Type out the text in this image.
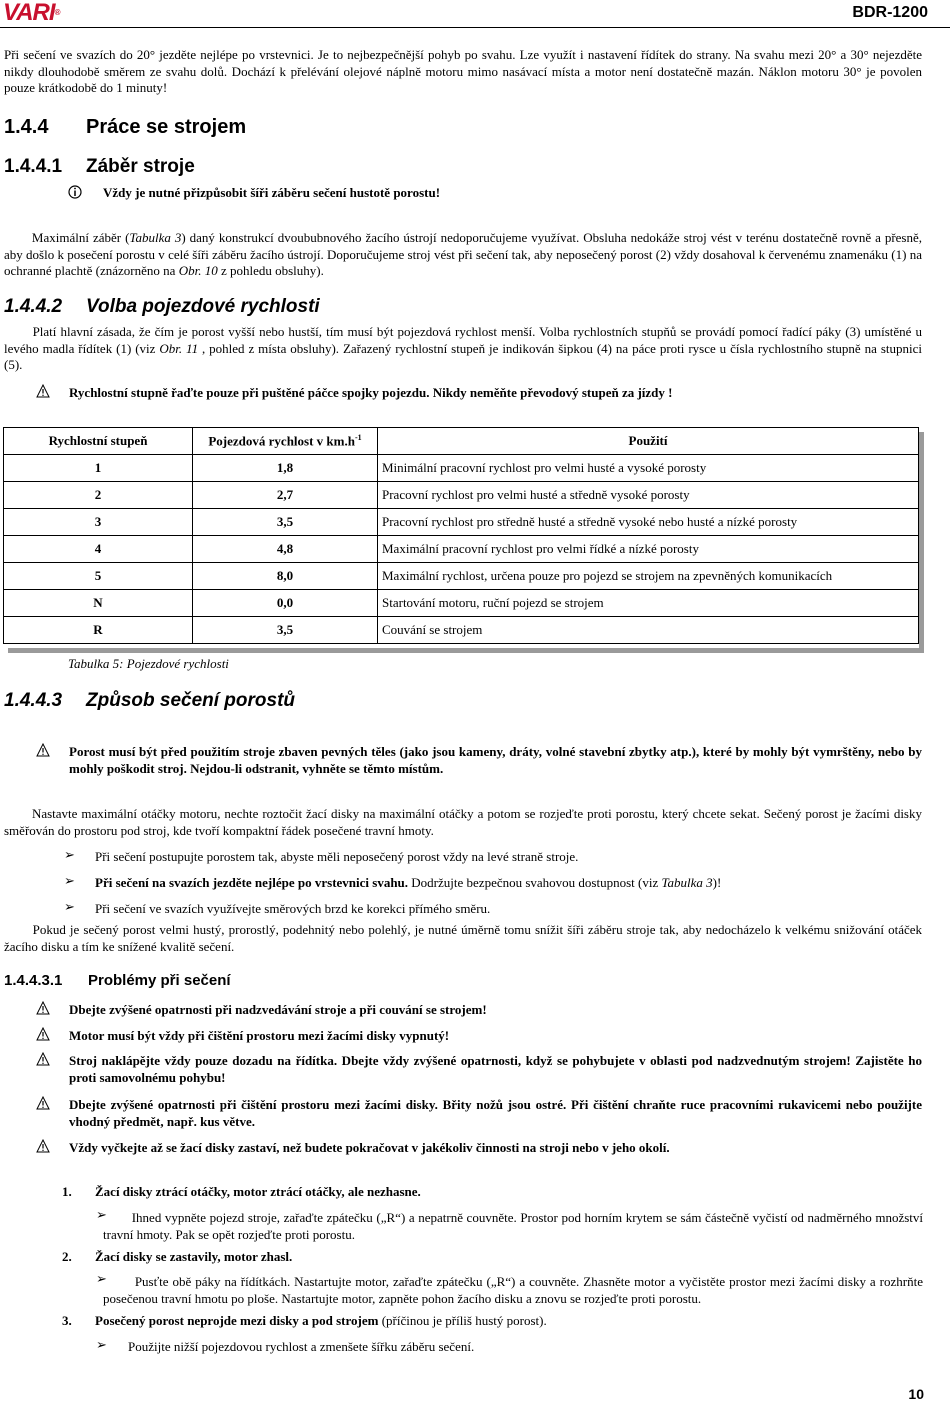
VARI®	BDR-1200
Při sečení ve svazích do 20° jezděte nejlépe po vrstevnici. Je to nejbezpečnější pohyb po svahu. Lze využít i nastavení řídítek do strany. Na svahu mezi 20° a 30° nejezděte nikdy dlouhodobě směrem ze svahu dolů. Dochází k přelévání olejové náplně motoru mimo nasávací místa a motor není dostatečně mazán. Náklon motoru 30° je povolen pouze krátkodobě do 1 minuty!
1.4.4 Práce se strojem
1.4.4.1 Záběr stroje
Vždy je nutné přizpůsobit šíři záběru sečení hustotě porostu!
Maximální záběr (Tabulka 3) daný konstrukcí dvoububnového žacího ústrojí nedoporučujeme využívat. Obsluha nedokáže stroj vést v terénu dostatečně rovně a přesně, aby došlo k posečení porostu v celé šíři záběru žacího ústrojí. Doporučujeme stroj vést při sečení tak, aby neposečený porost (2) vždy dosahoval k červenému znamenáku (1) na ochranné plachtě (znázorněno na Obr. 10 z pohledu obsluhy).
1.4.4.2 Volba pojezdové rychlosti
Platí hlavní zásada, že čím je porost vyšší nebo hustší, tím musí být pojezdová rychlost menší. Volba rychlostních stupňů se provádí pomocí řadící páky (3) umístěné u levého madla řídítek (1) (viz Obr. 11 , pohled z místa obsluhy). Zařazený rychlostní stupeň je indikován šipkou (4) na páce proti rysce u čísla rychlostního stupně na stupnici (5).
Rychlostní stupně řaďte pouze při puštěné páčce spojky pojezdu. Nikdy neměňte převodový stupeň za jízdy !
Rychlostní stupeň	Pojezdová rychlost v $km.h^{-1}$	Použití
1	1,8	Minimální pracovní rychlost pro velmi husté a vysoké porosty
2	2,7	Pracovní rychlost pro velmi husté a středně vysoké porosty
3	3,5	Pracovní rychlost pro středně husté a středně vysoké nebo husté a nízké porosty
4	4,8	Maximální pracovní rychlost pro velmi řídké a nízké porosty
5	8,0	Maximální rychlost, určena pouze pro pojezd se strojem na zpevněných komunikacích
N	0,0	Startování motoru, ruční pojezd se strojem
R	3,5	Couvání se strojem
Tabulka 5: Pojezdové rychlosti
1.4.4.3 Způsob sečení porostů
Porost musí být před použitím stroje zbaven pevných těles (jako jsou kameny, dráty, volné stavební zbytky atp.), které by mohly být vymrštěny, nebo by mohly poškodit stroj. Nejdou-li odstranit, vyhněte se těmto místům.
Nastavte maximální otáčky motoru, nechte roztočit žací disky na maximální otáčky a potom se rozjeďte proti porostu, který chcete sekat. Sečený porost je žacími disky směřován do prostoru pod stroj, kde tvoří kompaktní řádek posečené travní hmoty.
➢ Při sečení postupujte porostem tak, abyste měli neposečený porost vždy na levé straně stroje.
➢ Při sečení na svazích jezděte nejlépe po vrstevnici svahu. Dodržujte bezpečnou svahovou dostupnost (viz Tabulka 3)!
➢ Při sečení ve svazích využívejte směrových brzd ke korekci přímého směru.
Pokud je sečený porost velmi hustý, prorostlý, podehnitý nebo polehlý, je nutné úměrně tomu snížit šíři záběru stroje tak, aby nedocházelo k velkému snižování otáček žacího disku a tím ke snížené kvalitě sečení.
1.4.4.3.1 Problémy při sečení
Dbejte zvýšené opatrnosti při nadzvedávání stroje a při couvání se strojem!
Motor musí být vždy při čištění prostoru mezi žacími disky vypnutý!
Stroj naklápějte vždy pouze dozadu na řídítka. Dbejte vždy zvýšené opatrnosti, když se pohybujete v oblasti pod nadzvednutým strojem! Zajistěte ho proti samovolnému pohybu!
Dbejte zvýšené opatrnosti při čištění prostoru mezi žacími disky. Břity nožů jsou ostré. Při čištění chraňte ruce pracovními rukavicemi nebo použijte vhodný předmět, např. kus větve.
Vždy vyčkejte až se žací disky zastaví, než budete pokračovat v jakékoliv činnosti na stroji nebo v jeho okolí.
1. Žací disky ztrácí otáčky, motor ztrácí otáčky, ale nezhasne.
➢	Ihned vypněte pojezd stroje, zařaďte zpátečku („R“) a nepatrně couvněte. Prostor pod horním krytem se sám částečně vyčistí od nadměrného množství travní hmoty. Pak se opět rozjeďte proti porostu.
2. Žací disky se zastavily, motor zhasl.
➢	Pusťte obě páky na řídítkách. Nastartujte motor, zařaďte zpátečku („R“) a couvněte. Zhasněte motor a vyčistěte prostor mezi žacími disky a rozhrňte posečenou travní hmotu po ploše. Nastartujte motor, zapněte pohon žacího disku a znovu se rozjeďte proti porostu.
3. Posečený porost neprojde mezi disky a pod strojem (příčinou je příliš hustý porost).
➢ Použijte nižší pojezdovou rychlost a zmenšete šířku záběru sečení.
10
